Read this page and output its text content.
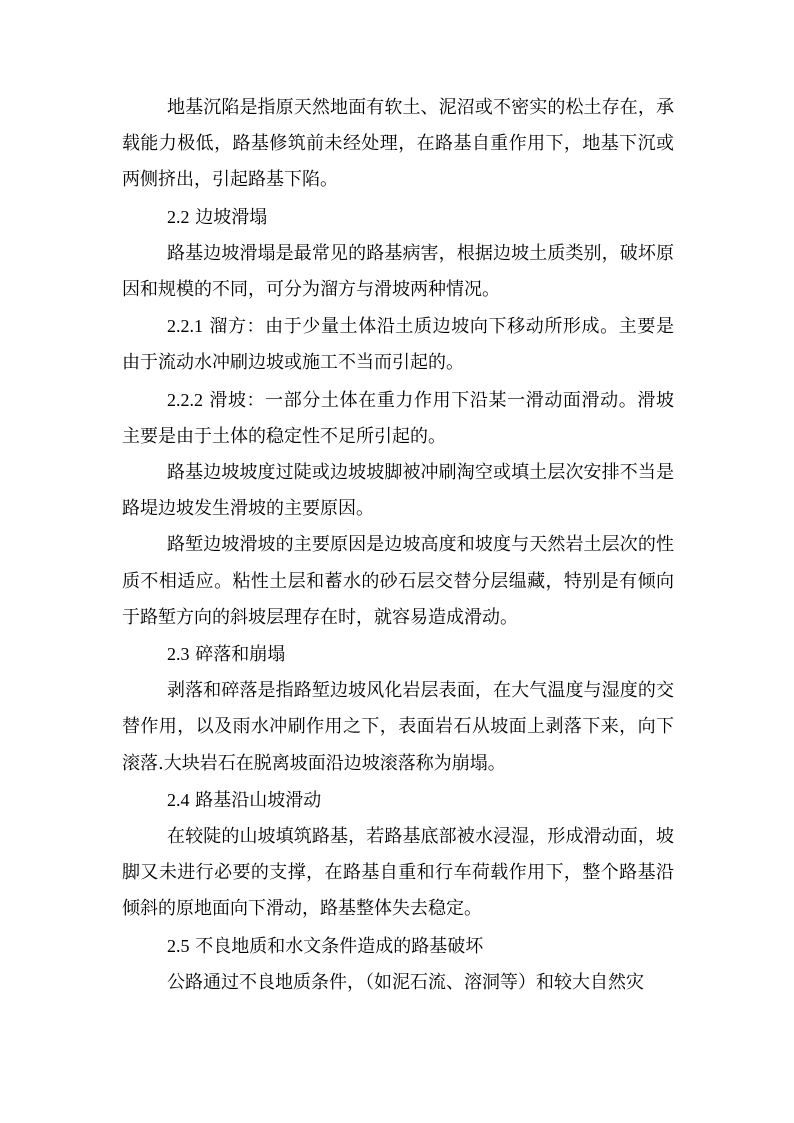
地基沉陷是指原天然地面有软土、泥沼或不密实的松土存在，承载能力极低，路基修筑前未经处理，在路基自重作用下，地基下沉或两侧挤出，引起路基下陷。

2.2 边坡滑塌

路基边坡滑塌是最常见的路基病害，根据边坡土质类别，破坏原因和规模的不同，可分为溜方与滑坡两种情况。

2.2.1 溜方：由于少量土体沿土质边坡向下移动所形成。主要是由于流动水冲刷边坡或施工不当而引起的。

2.2.2 滑坡：一部分土体在重力作用下沿某一滑动面滑动。滑坡主要是由于土体的稳定性不足所引起的。

路基边坡坡度过陡或边坡坡脚被冲刷淘空或填土层次安排不当是路堤边坡发生滑坡的主要原因。

路堑边坡滑坡的主要原因是边坡高度和坡度与天然岩土层次的性质不相适应。粘性土层和蓄水的砂石层交替分层缊藏，特别是有倾向于路堑方向的斜坡层理存在时，就容易造成滑动。

2.3 碎落和崩塌

剥落和碎落是指路堑边坡风化岩层表面，在大气温度与湿度的交替作用，以及雨水冲刷作用之下，表面岩石从坡面上剥落下来，向下滚落.大块岩石在脱离坡面沿边坡滚落称为崩塌。

2.4 路基沿山坡滑动

在较陡的山坡填筑路基，若路基底部被水浸湿，形成滑动面，坡脚又未进行必要的支撑，在路基自重和行车荷载作用下，整个路基沿倾斜的原地面向下滑动，路基整体失去稳定。

2.5 不良地质和水文条件造成的路基破坏

公路通过不良地质条件，（如泥石流、溶洞等）和较大自然灾
